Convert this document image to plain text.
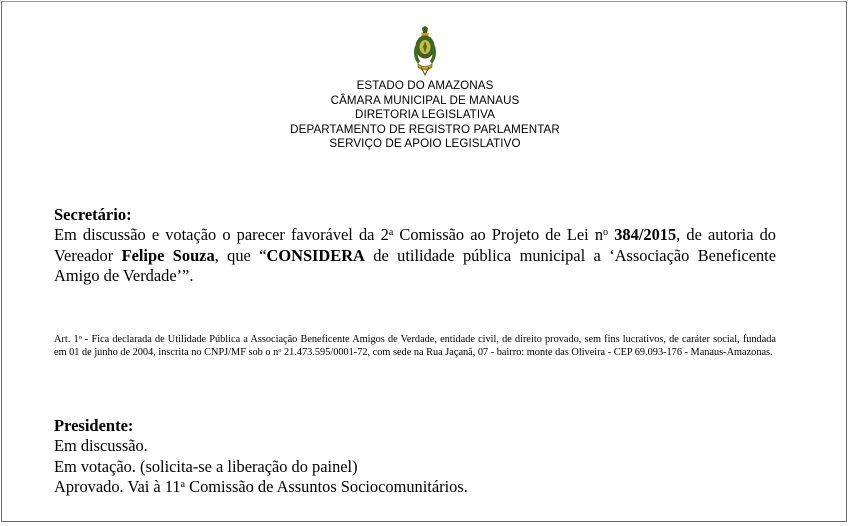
ESTADO DO AMAZONAS
CÂMARA MUNICIPAL DE MANAUS
DIRETORIA LEGISLATIVA
DEPARTAMENTO DE REGISTRO PARLAMENTAR
SERVIÇO DE APOIO LEGISLATIVO
Secretário:
Em discussão e votação o parecer favorável da 2$^a$ Comissão ao Projeto de Lei $n^o$ 384/2015, de autoria do Vereador Felipe Souza, que “CONSIDERA de utilidade pública municipal a ‘Associação Beneficente Amigo de Verdade’”.
Art. 1$^o$ - Fica declarada de Utilidade Pública a Associação Beneficente Amigos de Verdade, entidade civil, de direito provado, sem fins lucrativos, de caráter social, fundada em 01 de junho de 2004, inscrita no CNPJ/MF sob o $n^o$ 21.473.595/0001-72, com sede na Rua Jaçanã, 07 - bairro: monte das Oliveira - CEP 69.093-176 - Manaus-Amazonas.
Presidente:
Em discussão.
Em votação. (solicita-se a liberação do painel)
Aprovado. Vai à 11$^a$ Comissão de Assuntos Sociocomunitários.
